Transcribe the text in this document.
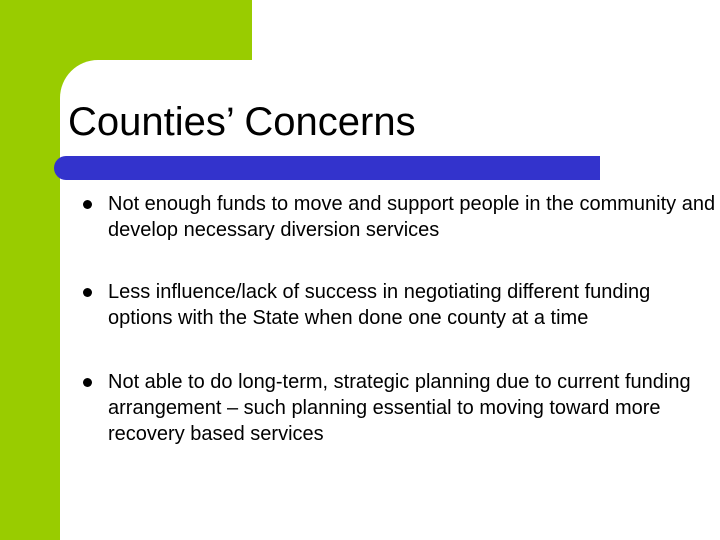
Counties’ Concerns
Not enough funds to move and support people in the community and develop necessary diversion services
Less influence/lack of success in negotiating different funding options with the State when done one county at a time
Not able to do long-term, strategic planning due to current funding arrangement – such planning essential to moving toward more recovery based services
